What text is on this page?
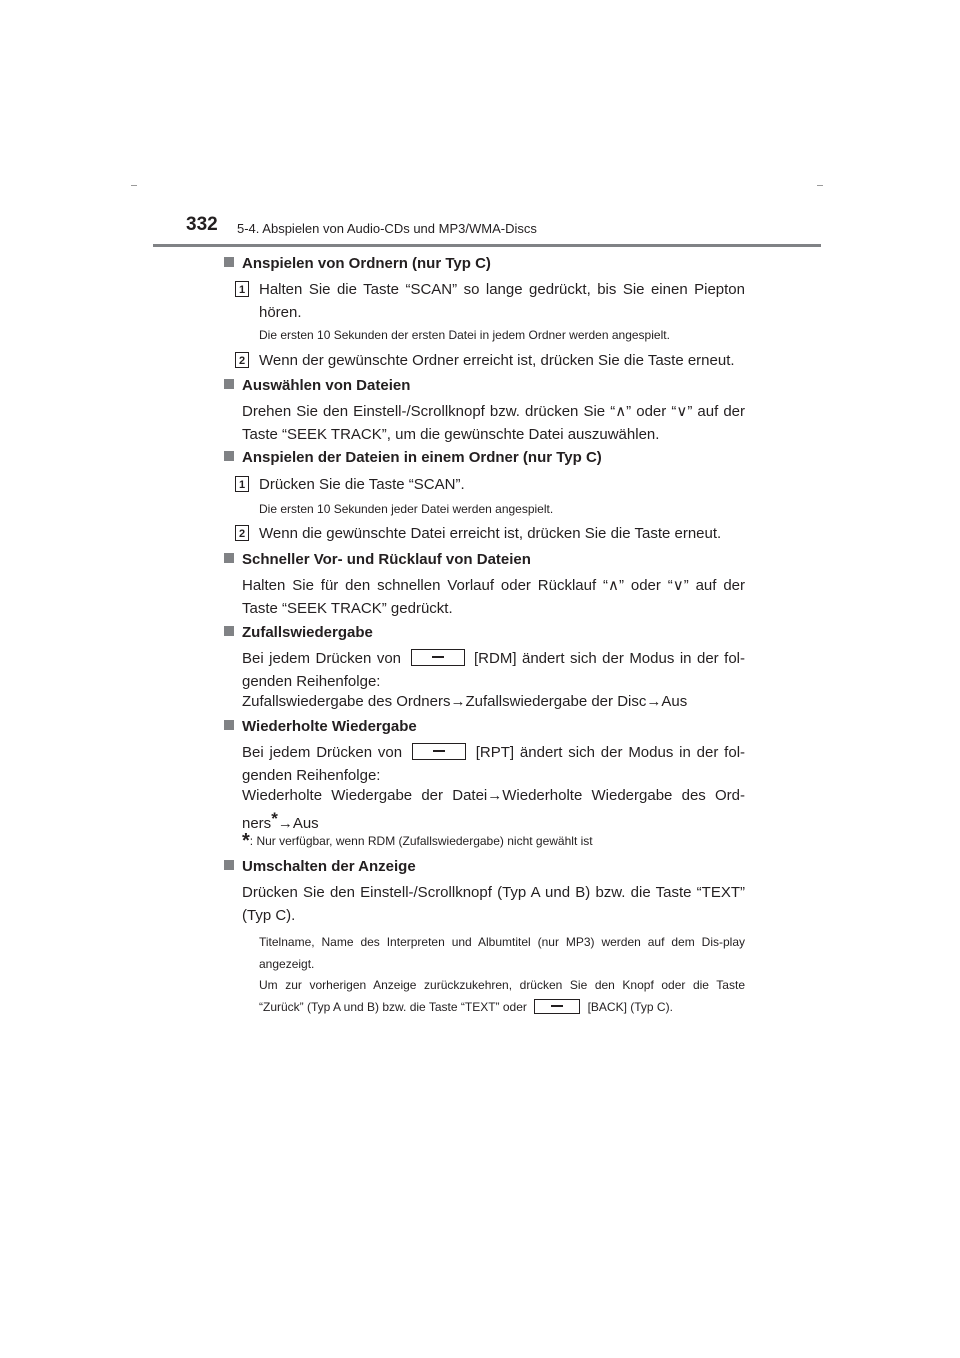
332 5-4. Abspielen von Audio-CDs und MP3/WMA-Discs
Anspielen von Ordnern (nur Typ C)
1 Halten Sie die Taste “SCAN” so lange gedrückt, bis Sie einen Piepton hören.
Die ersten 10 Sekunden der ersten Datei in jedem Ordner werden angespielt.
2 Wenn der gewünschte Ordner erreicht ist, drücken Sie die Taste erneut.
Auswählen von Dateien
Drehen Sie den Einstell-/Scrollknopf bzw. drücken Sie “∧” oder “∨” auf der Taste “SEEK TRACK”, um die gewünschte Datei auszuwählen.
Anspielen der Dateien in einem Ordner (nur Typ C)
1 Drücken Sie die Taste “SCAN”.
Die ersten 10 Sekunden jeder Datei werden angespielt.
2 Wenn die gewünschte Datei erreicht ist, drücken Sie die Taste erneut.
Schneller Vor- und Rücklauf von Dateien
Halten Sie für den schnellen Vorlauf oder Rücklauf “∧” oder “∨” auf der Taste “SEEK TRACK” gedrückt.
Zufallswiedergabe
Bei jedem Drücken von	[RDM] ändert sich der Modus in der fol-genden Reihenfolge:
Zufallswiedergabe des Ordners→Zufallswiedergabe der Disc→Aus
Wiederholte Wiedergabe
Bei jedem Drücken von	[RPT] ändert sich der Modus in der fol-genden Reihenfolge:
Wiederholte Wiedergabe der Datei→Wiederholte Wiedergabe des Ord-ners*→Aus
*: Nur verfügbar, wenn RDM (Zufallswiedergabe) nicht gewählt ist
Umschalten der Anzeige
Drücken Sie den Einstell-/Scrollknopf (Typ A und B) bzw. die Taste “TEXT” (Typ C).
Titelname, Name des Interpreten und Albumtitel (nur MP3) werden auf dem Dis-play angezeigt.
Um zur vorherigen Anzeige zurückzukehren, drücken Sie den Knopf oder die Taste “Zurück” (Typ A und B) bzw. die Taste “TEXT” oder	[BACK] (Typ C).
